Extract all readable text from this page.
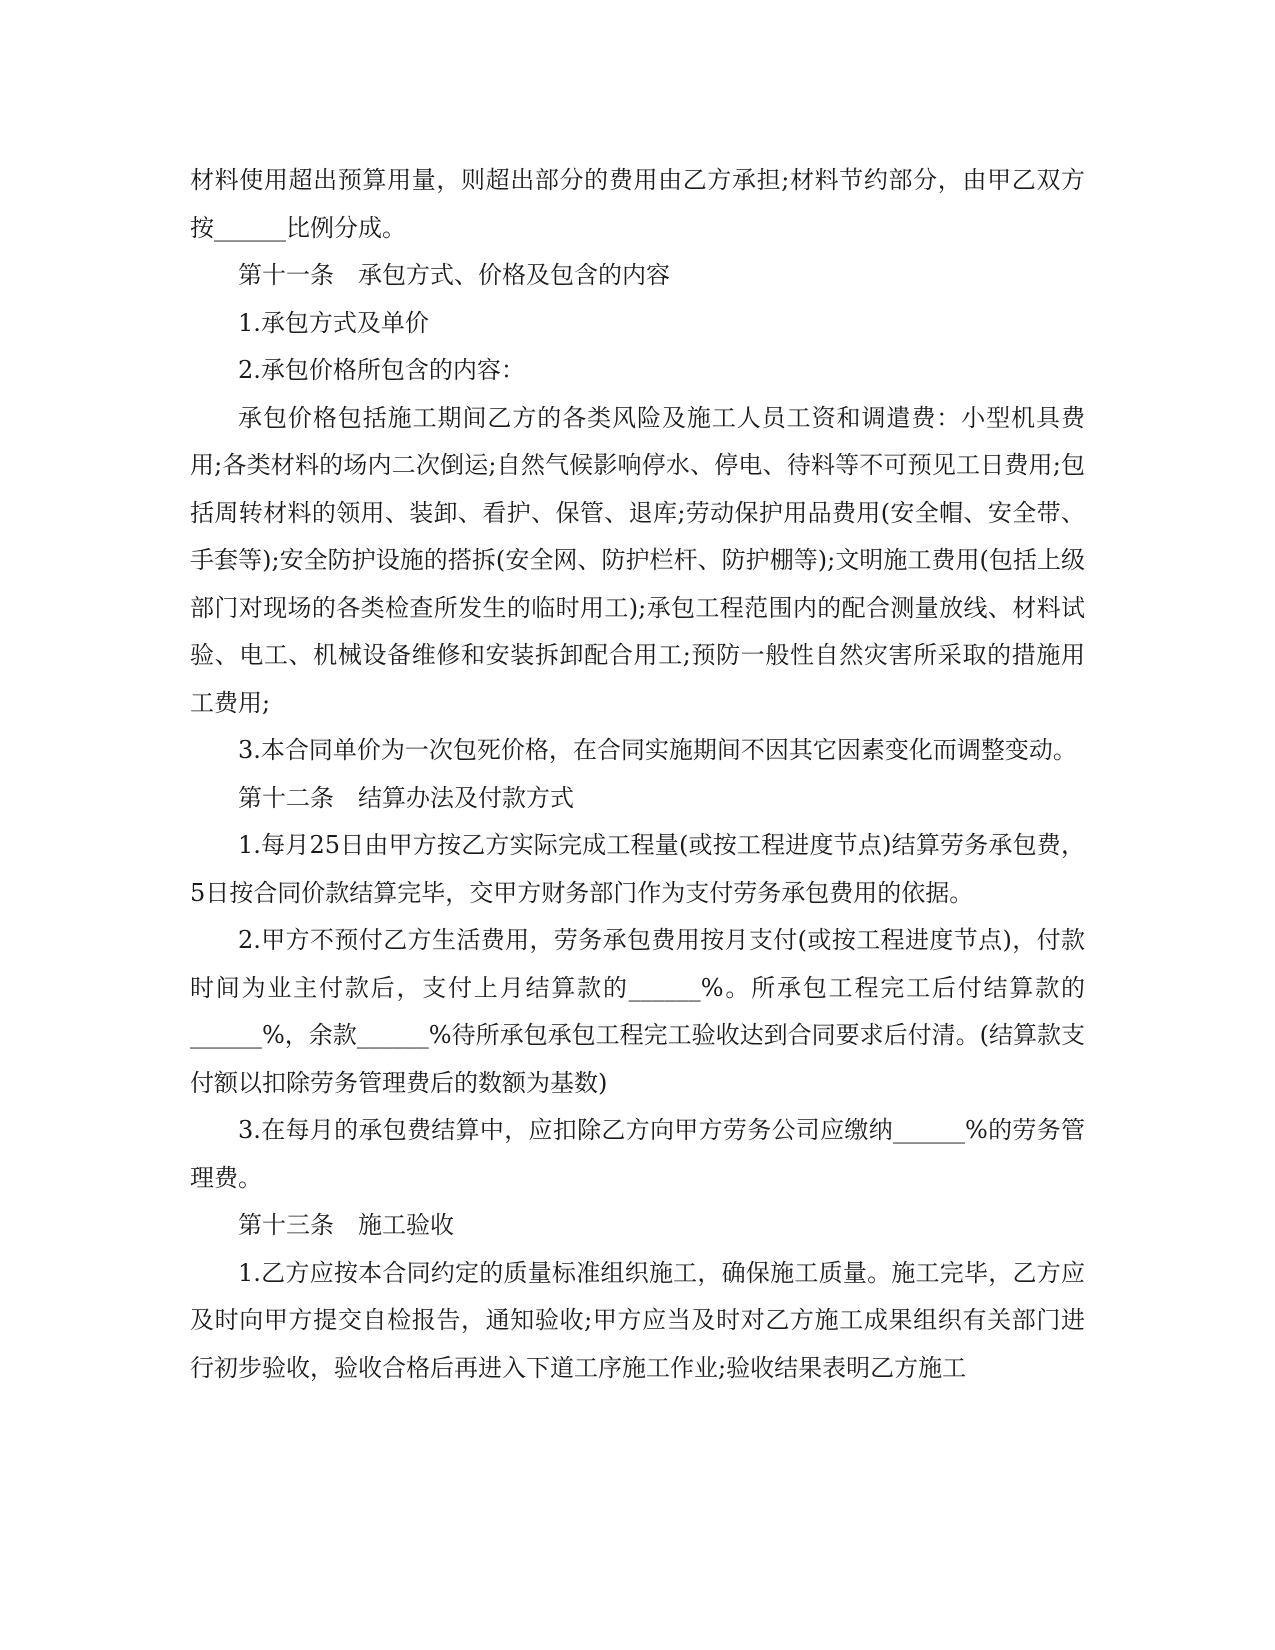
材料使用超出预算用量，则超出部分的费用由乙方承担;材料节约部分，由甲乙双方按______比例分成。

第十一条　承包方式、价格及包含的内容

1.承包方式及单价

2.承包价格所包含的内容：

承包价格包括施工期间乙方的各类风险及施工人员工资和调遣费：小型机具费用;各类材料的场内二次倒运;自然气候影响停水、停电、待料等不可预见工日费用;包括周转材料的领用、装卸、看护、保管、退库;劳动保护用品费用(安全帽、安全带、手套等);安全防护设施的搭拆(安全网、防护栏杆、防护棚等);文明施工费用(包括上级部门对现场的各类检查所发生的临时用工);承包工程范围内的配合测量放线、材料试验、电工、机械设备维修和安装拆卸配合用工;预防一般性自然灾害所采取的措施用工费用;

3.本合同单价为一次包死价格，在合同实施期间不因其它因素变化而调整变动。

第十二条　结算办法及付款方式

1.每月25日由甲方按乙方实际完成工程量(或按工程进度节点)结算劳务承包费，5日按合同价款结算完毕，交甲方财务部门作为支付劳务承包费用的依据。

2.甲方不预付乙方生活费用，劳务承包费用按月支付(或按工程进度节点)，付款时间为业主付款后，支付上月结算款的______%。所承包工程完工后付结算款的______%，余款______%待所承包承包工程完工验收达到合同要求后付清。(结算款支付额以扣除劳务管理费后的数额为基数)

3.在每月的承包费结算中，应扣除乙方向甲方劳务公司应缴纳______%的劳务管理费。

第十三条　施工验收

1.乙方应按本合同约定的质量标准组织施工，确保施工质量。施工完毕，乙方应及时向甲方提交自检报告，通知验收;甲方应当及时对乙方施工成果组织有关部门进行初步验收，验收合格后再进入下道工序施工作业;验收结果表明乙方施工
